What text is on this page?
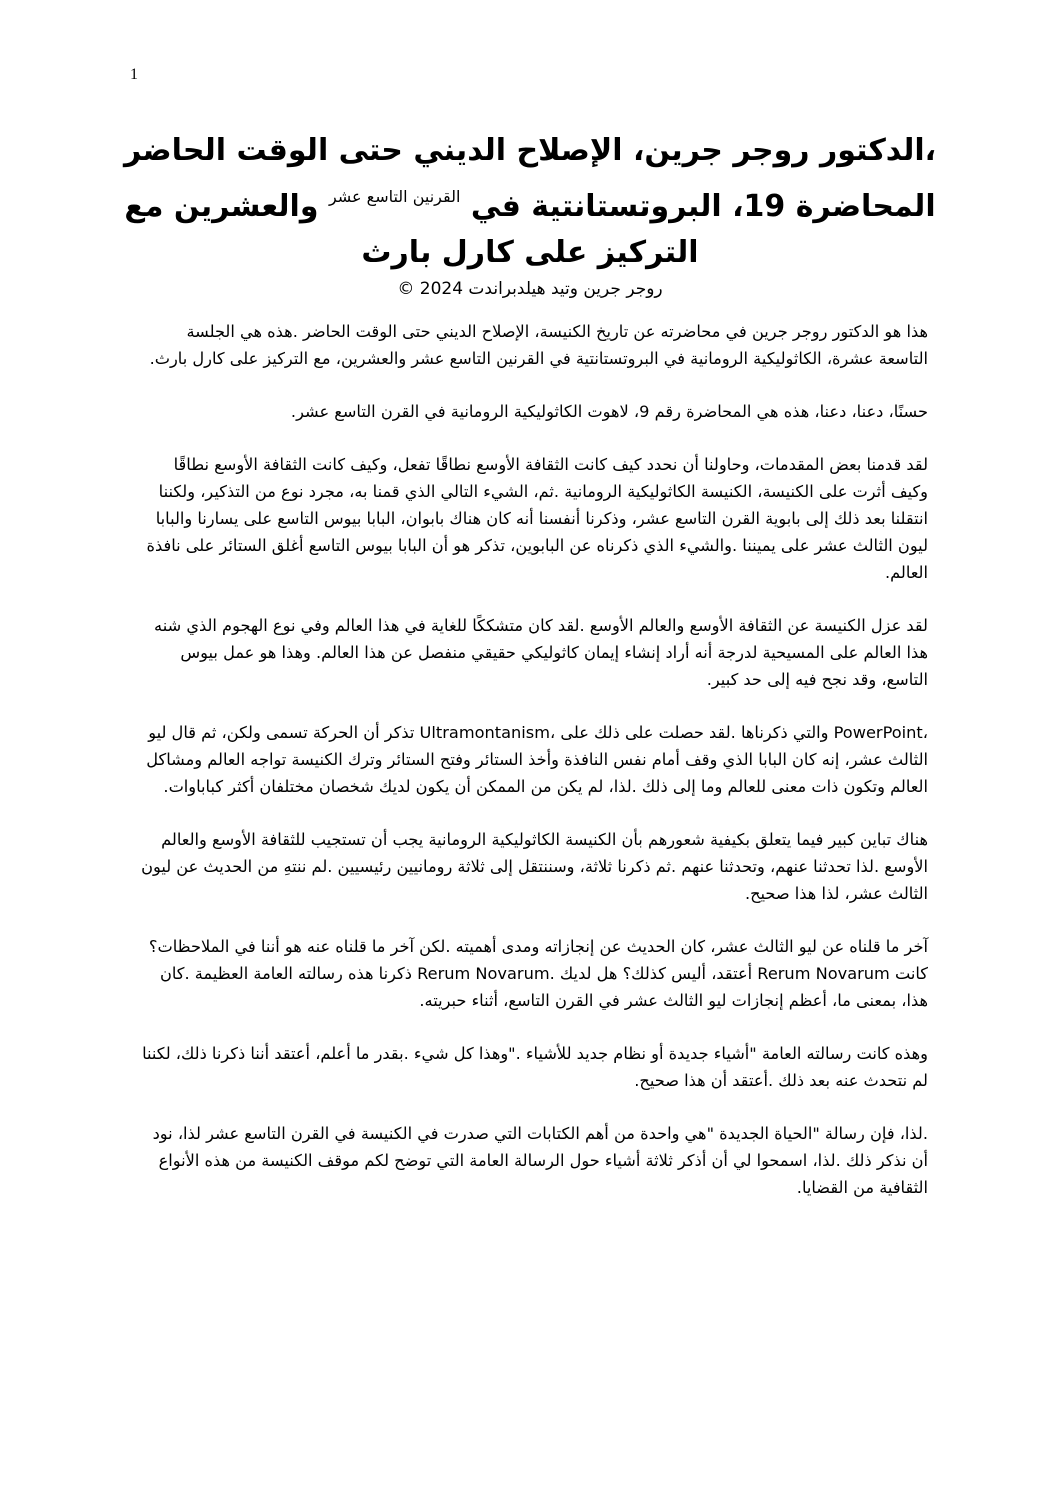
1
،الدكتور روجر جرين، الإصلاح الديني حتى الوقت الحاضر المحاضرة 19، البروتستانتية في $^{القرنين التاسع عشر}$ والعشرين مع التركيز على كارل بارث

روجر جرين وتيد هيلدبراندت 2024 ©

هذا هو الدكتور روجر جرين في محاضرته عن تاريخ الكنيسة، الإصلاح الديني حتى الوقت الحاضر .هذه هي الجلسة التاسعة عشرة، الكاثوليكية الرومانية في البروتستانتية في القرنين التاسع عشر والعشرين، مع التركيز على كارل بارث.

حسنًا، دعنا، دعنا، هذه هي المحاضرة رقم 9، لاهوت الكاثوليكية الرومانية في القرن التاسع عشر.

لقد قدمنا بعض المقدمات، وحاولنا أن نحدد كيف كانت الثقافة الأوسع نطاقًا تفعل، وكيف كانت الثقافة الأوسع نطاقًا وكيف أثرت على الكنيسة، الكنيسة الكاثوليكية الرومانية .ثم، الشيء التالي الذي قمنا به، مجرد نوع من التذكير، ولكننا انتقلنا بعد ذلك إلى بابوية القرن التاسع عشر، وذكرنا أنفسنا أنه كان هناك بابوان، البابا بيوس التاسع على يسارنا والبابا ليون الثالث عشر على يميننا .والشيء الذي ذكرناه عن البابوين، تذكر هو أن البابا بيوس التاسع أغلق الستائر على نافذة العالم.

لقد عزل الكنيسة عن الثقافة الأوسع والعالم الأوسع .لقد كان متشككًا للغاية في هذا العالم وفي نوع الهجوم الذي شنه هذا العالم على المسيحية لدرجة أنه أراد إنشاء إيمان كاثوليكي حقيقي منفصل عن هذا العالم. وهذا هو عمل بيوس التاسع، وقد نجح فيه إلى حد كبير.

،PowerPoint والتي ذكرناها .لقد حصلت على ذلك على ،Ultramontanism تذكر أن الحركة تسمى ولكن، ثم قال ليو الثالث عشر، إنه كان البابا الذي وقف أمام نفس النافذة وأخذ الستائر وفتح الستائر وترك الكنيسة تواجه العالم ومشاكل العالم وتكون ذات معنى للعالم وما إلى ذلك .لذا، لم يكن من الممكن أن يكون لديك شخصان مختلفان أكثر كباباوات.

هناك تباين كبير فيما يتعلق بكيفية شعورهم بأن الكنيسة الكاثوليكية الرومانية يجب أن تستجيب للثقافة الأوسع والعالم الأوسع .لذا تحدثنا عنهم، وتحدثنا عنهم .ثم ذكرنا ثلاثة، وسننتقل إلى ثلاثة رومانيين رئيسيين .لم ننتهِ من الحديث عن ليون الثالث عشر، لذا هذا صحيح.

آخر ما قلناه عن ليو الثالث عشر، كان الحديث عن إنجازاته ومدى أهميته .لكن آخر ما قلناه عنه هو أننا في الملاحظات؟ كانت Rerum Novarum أعتقد، أليس كذلك؟ هل لديك .Rerum Novarum ذكرنا هذه رسالته العامة العظيمة .كان هذا، بمعنى ما، أعظم إنجازات ليو الثالث عشر في القرن التاسع، أثناء حبريته.

وهذه كانت رسالته العامة "أشياء جديدة أو نظام جديد للأشياء ."وهذا كل شيء .بقدر ما أعلم، أعتقد أننا ذكرنا ذلك، لكننا لم نتحدث عنه بعد ذلك .أعتقد أن هذا صحيح.

.لذا، فإن رسالة "الحياة الجديدة "هي واحدة من أهم الكتابات التي صدرت في الكنيسة في القرن التاسع عشر لذا، نود أن نذكر ذلك .لذا، اسمحوا لي أن أذكر ثلاثة أشياء حول الرسالة العامة التي توضح لكم موقف الكنيسة من هذه الأنواع الثقافية من القضايا.
